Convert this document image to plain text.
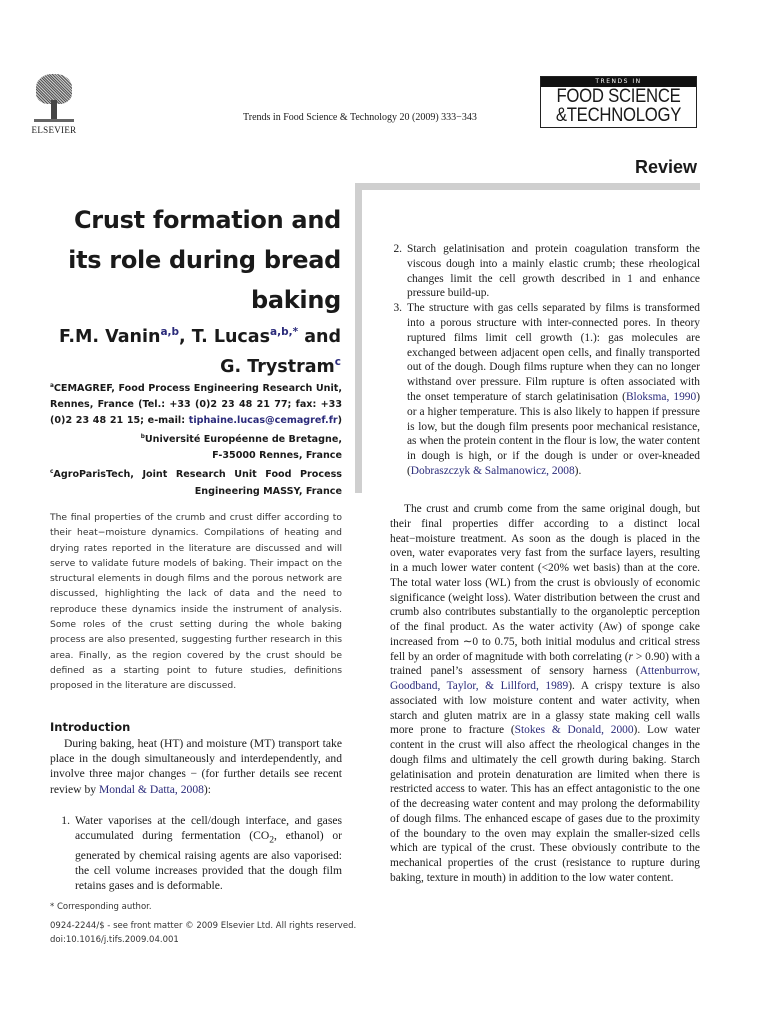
ELSEVIER
Trends in Food Science & Technology 20 (2009) 333−343
TRENDS IN
FOOD SCIENCE
&TECHNOLOGY
Review
Crust formation and
its role during bread
baking
F.M. Vanin$^{a,b}$, T. Lucas$^{a,b,*}$ and
G. Trystram$^c$
$^a$CEMAGREF, Food Process Engineering Research Unit,
Rennes, France (Tel.: +33 (0)2 23 48 21 77; fax: +33
(0)2 23 48 21 15; e-mail: tiphaine.lucas@cemagref.fr)
$^b$Université Européenne de Bretagne,
F-35000 Rennes, France
$^c$AgroParisTech, Joint Research Unit Food Process
Engineering MASSY, France
The final properties of the crumb and crust differ according to their heat−moisture dynamics. Compilations of heating and drying rates reported in the literature are discussed and will serve to validate future models of baking. Their impact on the structural elements in dough films and the porous network are discussed, highlighting the lack of data and the need to reproduce these dynamics inside the instrument of analysis. Some roles of the crust setting during the whole baking process are also presented, suggesting further research in this area. Finally, as the region covered by the crust should be defined as a starting point to future studies, definitions proposed in the literature are discussed.
Introduction
During baking, heat (HT) and moisture (MT) transport take place in the dough simultaneously and interdependently, and involve three major changes − (for further details see recent review by Mondal & Datta, 2008):
1. Water vaporises at the cell/dough interface, and gases accumulated during fermentation ($CO_2$, ethanol) or generated by chemical raising agents are also vaporised: the cell volume increases provided that the dough film retains gases and is deformable.
* Corresponding author.
0924-2244/$ - see front matter © 2009 Elsevier Ltd. All rights reserved.
doi:10.1016/j.tifs.2009.04.001
2. Starch gelatinisation and protein coagulation transform the viscous dough into a mainly elastic crumb; these rheological changes limit the cell growth described in 1 and enhance pressure build-up.
3. The structure with gas cells separated by films is transformed into a porous structure with inter-connected pores. In theory ruptured films limit cell growth (1.): gas molecules are exchanged between adjacent open cells, and finally transported out of the dough. Dough films rupture when they can no longer withstand over pressure. Film rupture is often associated with the onset temperature of starch gelatinisation (Bloksma, 1990) or a higher temperature. This is also likely to happen if pressure is low, but the dough film presents poor mechanical resistance, as when the protein content in the flour is low, the water content in dough is high, or if the dough is under or over-kneaded (Dobraszczyk & Salmanowicz, 2008).
The crust and crumb come from the same original dough, but their final properties differ according to a distinct local heat−moisture treatment. As soon as the dough is placed in the oven, water evaporates very fast from the surface layers, resulting in a much lower water content (<20% wet basis) than at the core. The total water loss (WL) from the crust is obviously of economic significance (weight loss). Water distribution between the crust and crumb also contributes substantially to the organoleptic perception of the final product. As the water activity (Aw) of sponge cake increased from ∼0 to 0.75, both initial modulus and critical stress fell by an order of magnitude with both correlating (r > 0.90) with a trained panel’s assessment of sensory harness (Attenburrow, Goodband, Taylor, & Lillford, 1989). A crispy texture is also associated with low moisture content and water activity, when starch and gluten matrix are in a glassy state making cell walls more prone to fracture (Stokes & Donald, 2000). Low water content in the crust will also affect the rheological changes in the dough films and ultimately the cell growth during baking. Starch gelatinisation and protein denaturation are limited when there is restricted access to water. This has an effect antagonistic to the one of the decreasing water content and may prolong the deformability of dough films. The enhanced escape of gases due to the proximity of the boundary to the oven may explain the smaller-sized cells which are typical of the crust. These obviously contribute to the mechanical properties of the crust (resistance to rupture during baking, texture in mouth) in addition to the low water content.
